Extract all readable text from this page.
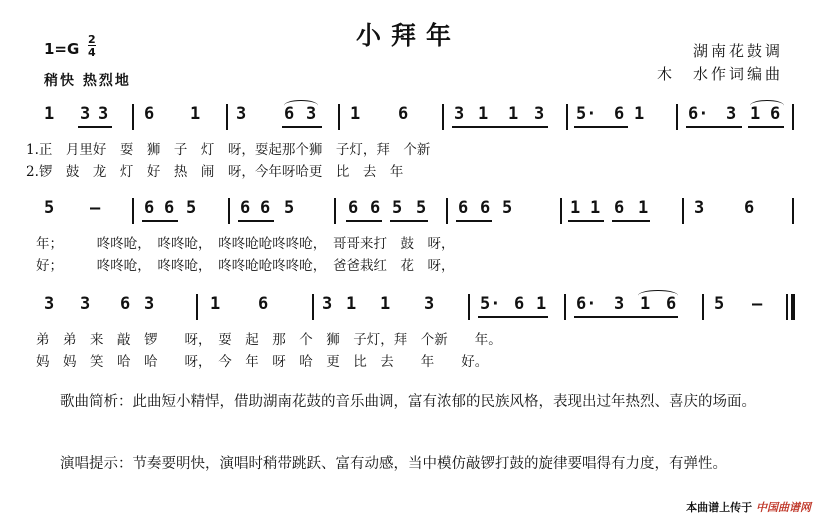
小拜年
$1=G \frac{2}{4}$
稍快 热烈地
湖南花鼓调
木　水作词编曲
1 3 3 6 1 3 6 3 1 6	3 1 1 3 5· 6 1	6· 3 1 6
1.正　月里好　耍　狮　子　灯　呀，耍起那个狮　子灯，拜　个新
2.锣　鼓　龙　灯　好　热　闹　呀，今年呀哈更　比　去　年
5 –	6 6 5	6 6 5	6 6 5 5 6 6 5	1 1 6 1	3 6
年；　　　咚咚呛，　咚咚呛，　咚咚呛呛咚咚呛，　哥哥来打　鼓　呀，
好；　　　咚咚呛，　咚咚呛，　咚咚呛呛咚咚呛，　爸爸栽红　花　呀，
3 3 6 3	1 6	3 1 1 3	5· 6 1 6· 3 1 6 5 –
弟　弟　来　敲　锣　　呀，　耍　起　那　个　狮　子灯，拜　个新　　年。
妈　妈　笑　哈　哈　　呀，　今　年　呀　哈　更　比　去　　年　　好。
歌曲简析：此曲短小精悍，借助湖南花鼓的音乐曲调，富有浓郁的民族风格，表现出过年热烈、喜庆的场面。
演唱提示：节奏要明快，演唱时稍带跳跃、富有动感，当中模仿敲锣打鼓的旋律要唱得有力度，有弹性。
本曲谱上传于 中国曲谱网
